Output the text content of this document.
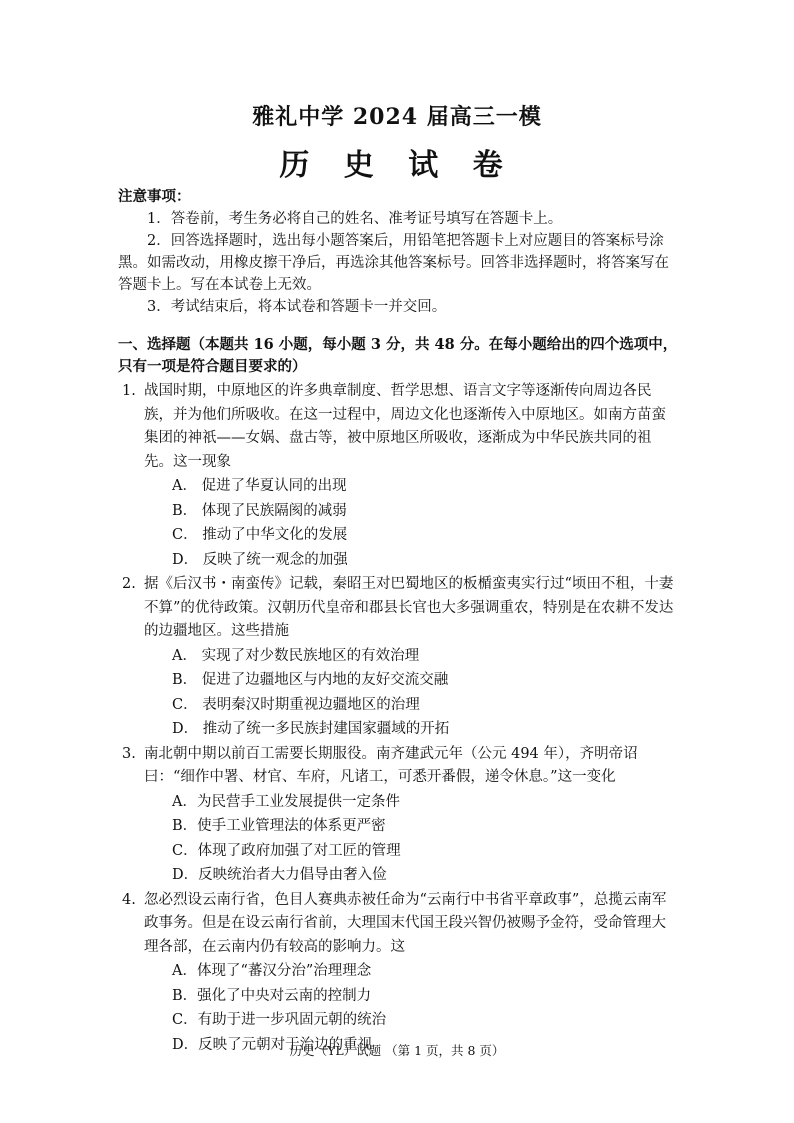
雅礼中学 2024 届高三一模
历 史 试 卷
注意事项：

1．答卷前，考生务必将自己的姓名、准考证号填写在答题卡上。

2．回答选择题时，选出每小题答案后，用铅笔把答题卡上对应题目的答案标号涂黑。如需改动，用橡皮擦干净后，再选涂其他答案标号。回答非选择题时，将答案写在答题卡上。写在本试卷上无效。

3．考试结束后，将本试卷和答题卡一并交回。

一、选择题（本题共 16 小题，每小题 3 分，共 48 分。在每小题给出的四个选项中，只有一项是符合题目要求的）
1. 战国时期，中原地区的许多典章制度、哲学思想、语言文字等逐渐传向周边各民族，并为他们所吸收。在这一过程中，周边文化也逐渐传入中原地区。如南方苗蛮集团的神祇——女娲、盘古等，被中原地区所吸收，逐渐成为中华民族共同的祖先。这一现象

A． 促进了华夏认同的出现
B． 体现了民族隔阂的减弱
C． 推动了中华文化的发展
D． 反映了统一观念的加强
2. 据《后汉书・南蛮传》记载，秦昭王对巴蜀地区的板楯蛮夷实行过“顷田不租，十妻不算”的优待政策。汉朝历代皇帝和郡县长官也大多强调重农，特别是在农耕不发达的边疆地区。这些措施

A． 实现了对少数民族地区的有效治理
B． 促进了边疆地区与内地的友好交流交融
C． 表明秦汉时期重视边疆地区的治理
D． 推动了统一多民族封建国家疆域的开拓
3. 南北朝中期以前百工需要长期服役。南齐建武元年（公元 494 年），齐明帝诏曰：“细作中署、材官、车府，凡诸工，可悉开番假，递令休息。”这一变化

A．为民营手工业发展提供一定条件
B．使手工业管理法的体系更严密
C．体现了政府加强了对工匠的管理
D．反映统治者大力倡导由奢入俭
4. 忽必烈设云南行省，色目人赛典赤被任命为“云南行中书省平章政事”，总揽云南军政事务。但是在设云南行省前，大理国末代国王段兴智仍被赐予金符，受命管理大理各部，在云南内仍有较高的影响力。这

A．体现了“蕃汉分治”治理理念
B．强化了中央对云南的控制力
C．有助于进一步巩固元朝的统治
D．反映了元朝对于治边的重视
历史（YL）试题 （第 1 页，共 8 页）
